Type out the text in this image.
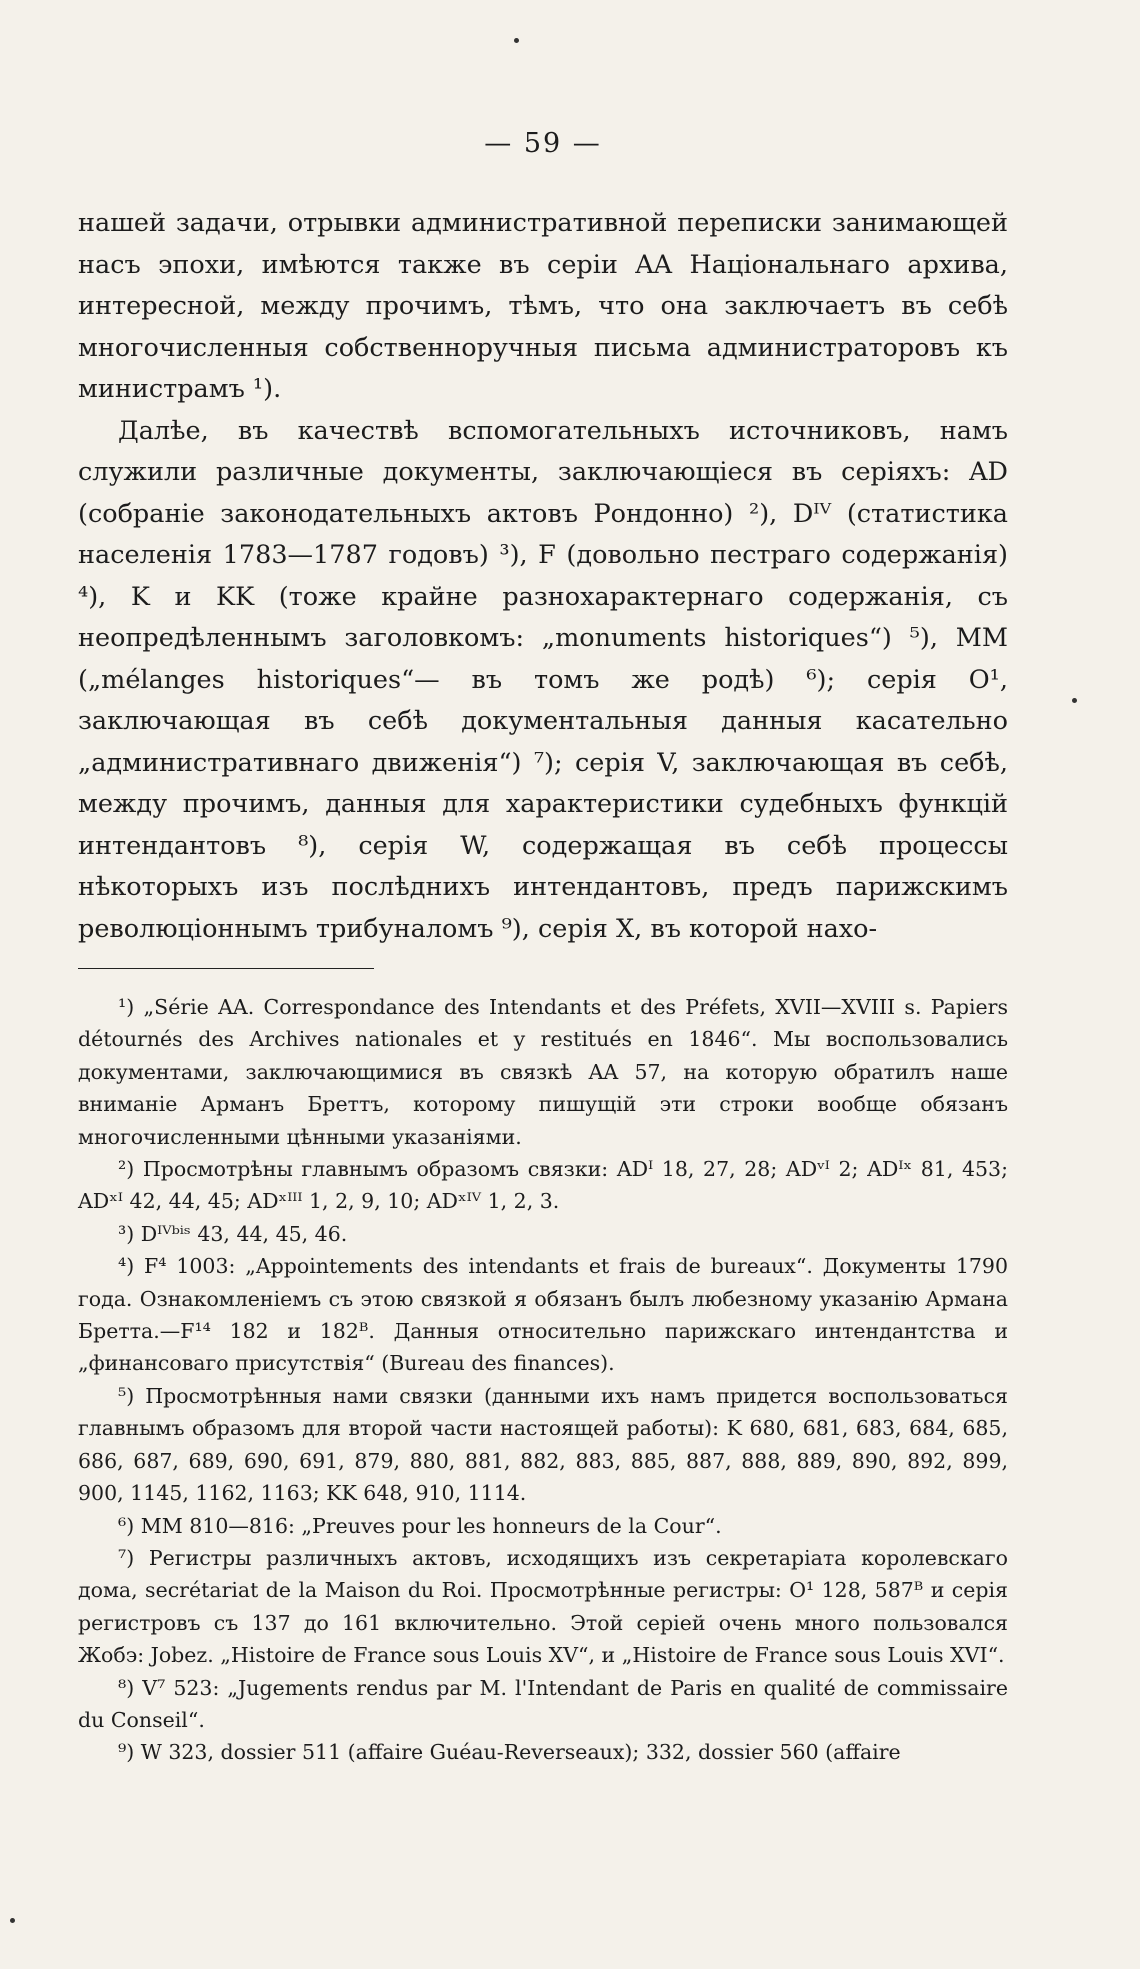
— 59 —

нашей задачи, отрывки административной переписки занимающей насъ эпохи, имѣются также въ серіи AA Національнаго архива, интересной, между прочимъ, тѣмъ, что она заключаетъ въ себѣ многочисленныя собственноручныя письма администраторовъ къ министрамъ ¹).

Далѣе, въ качествѣ вспомогательныхъ источниковъ, намъ служили различные документы, заключающіеся въ серіяхъ: AD (собраніе законодательныхъ актовъ Рондонно) ²), Dᴵⱽ (статистика населенія 1783—1787 годовъ) ³), F (довольно пестраго содержанія) ⁴), K и KK (тоже крайне разнохарактернаго содержанія, съ неопредѣленнымъ заголовкомъ: „monuments historiques“) ⁵), MM („mélanges historiques“— въ томъ же родѣ) ⁶); серія O¹, заключающая въ себѣ документальныя данныя касательно „административнаго движенія“) ⁷); серія V, заключающая въ себѣ, между прочимъ, данныя для характеристики судебныхъ функцій интендантовъ ⁸), серія W, содержащая въ себѣ процессы нѣкоторыхъ изъ послѣднихъ интендантовъ, предъ парижскимъ революціоннымъ трибуналомъ ⁹), серія X, въ которой нахо-

¹) „Série AA. Correspondance des Intendants et des Préfets, XVII—XVIII s. Papiers détournés des Archives nationales et y restitués en 1846“. Мы воспользовались документами, заключающимися въ связкѣ AA 57, на которую обратилъ наше вниманіе Арманъ Бреттъ, которому пишущій эти строки вообще обязанъ многочисленными цѣнными указаніями.
²) Просмотрѣны главнымъ образомъ связки: ADᴵ 18, 27, 28; ADᵛᴵ 2; ADᴵˣ 81, 453; ADˣᴵ 42, 44, 45; ADˣᴵᴵᴵ 1, 2, 9, 10; ADˣᴵⱽ 1, 2, 3.
³) Dᴵⱽᵇⁱˢ 43, 44, 45, 46.
⁴) F⁴ 1003: „Appointements des intendants et frais de bureaux“. Документы 1790 года. Ознакомленіемъ съ этою связкой я обязанъ былъ любезному указанію Армана Бретта.—F¹⁴ 182 и 182ᴮ. Данныя относительно парижскаго интендантства и „финансоваго присутствія“ (Bureau des finances).
⁵) Просмотрѣнныя нами связки (данными ихъ намъ придется воспользоваться главнымъ образомъ для второй части настоящей работы): K 680, 681, 683, 684, 685, 686, 687, 689, 690, 691, 879, 880, 881, 882, 883, 885, 887, 888, 889, 890, 892, 899, 900, 1145, 1162, 1163; KK 648, 910, 1114.
⁶) MM 810—816: „Preuves pour les honneurs de la Cour“.
⁷) Регистры различныхъ актовъ, исходящихъ изъ секретаріата королевскаго дома, secrétariat de la Maison du Roi. Просмотрѣнные регистры: O¹ 128, 587ᴮ и серія регистровъ съ 137 до 161 включительно. Этой серіей очень много пользовался Жобэ: Jobez. „Histoire de France sous Louis XV“, и „Histoire de France sous Louis XVI“.
⁸) V⁷ 523: „Jugements rendus par M. l'Intendant de Paris en qualité de commissaire du Conseil“.
⁹) W 323, dossier 511 (affaire Guéau-Reverseaux); 332, dossier 560 (affaire
